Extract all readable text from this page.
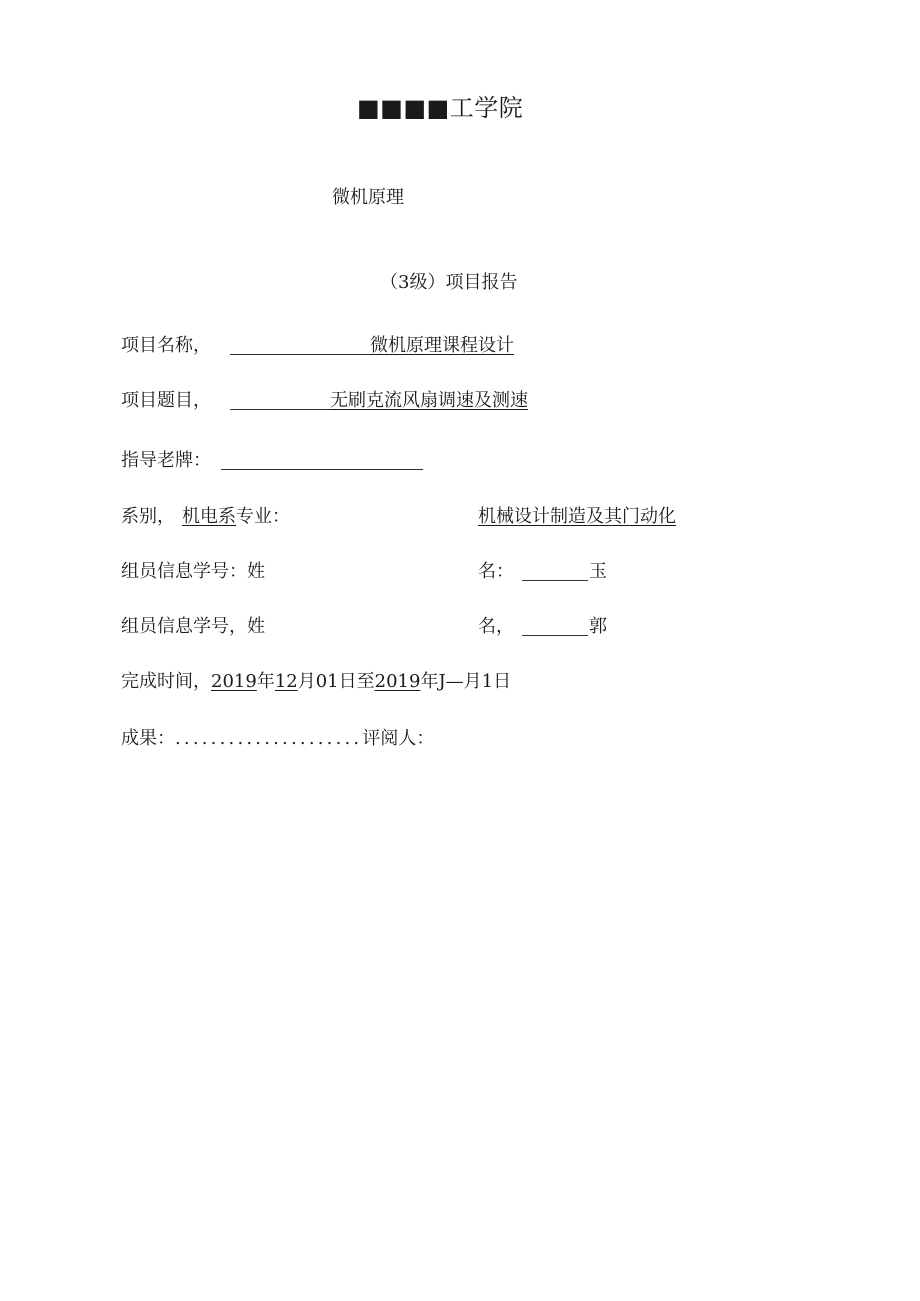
■■■■工学院
微机原理
（3级）项目报告
项目名称，	微机原理课程设计
项目题目，	无刷克流风扇调速及测速
指导老牌：
系别， 机电系 专业：	机械设计制造及其门动化
组员信息学号：姓	名：	玉
组员信息学号，姓	名，	郭
完成时间，2019年12月01日至2019年J—月1日
成果：.....................评阅人：
